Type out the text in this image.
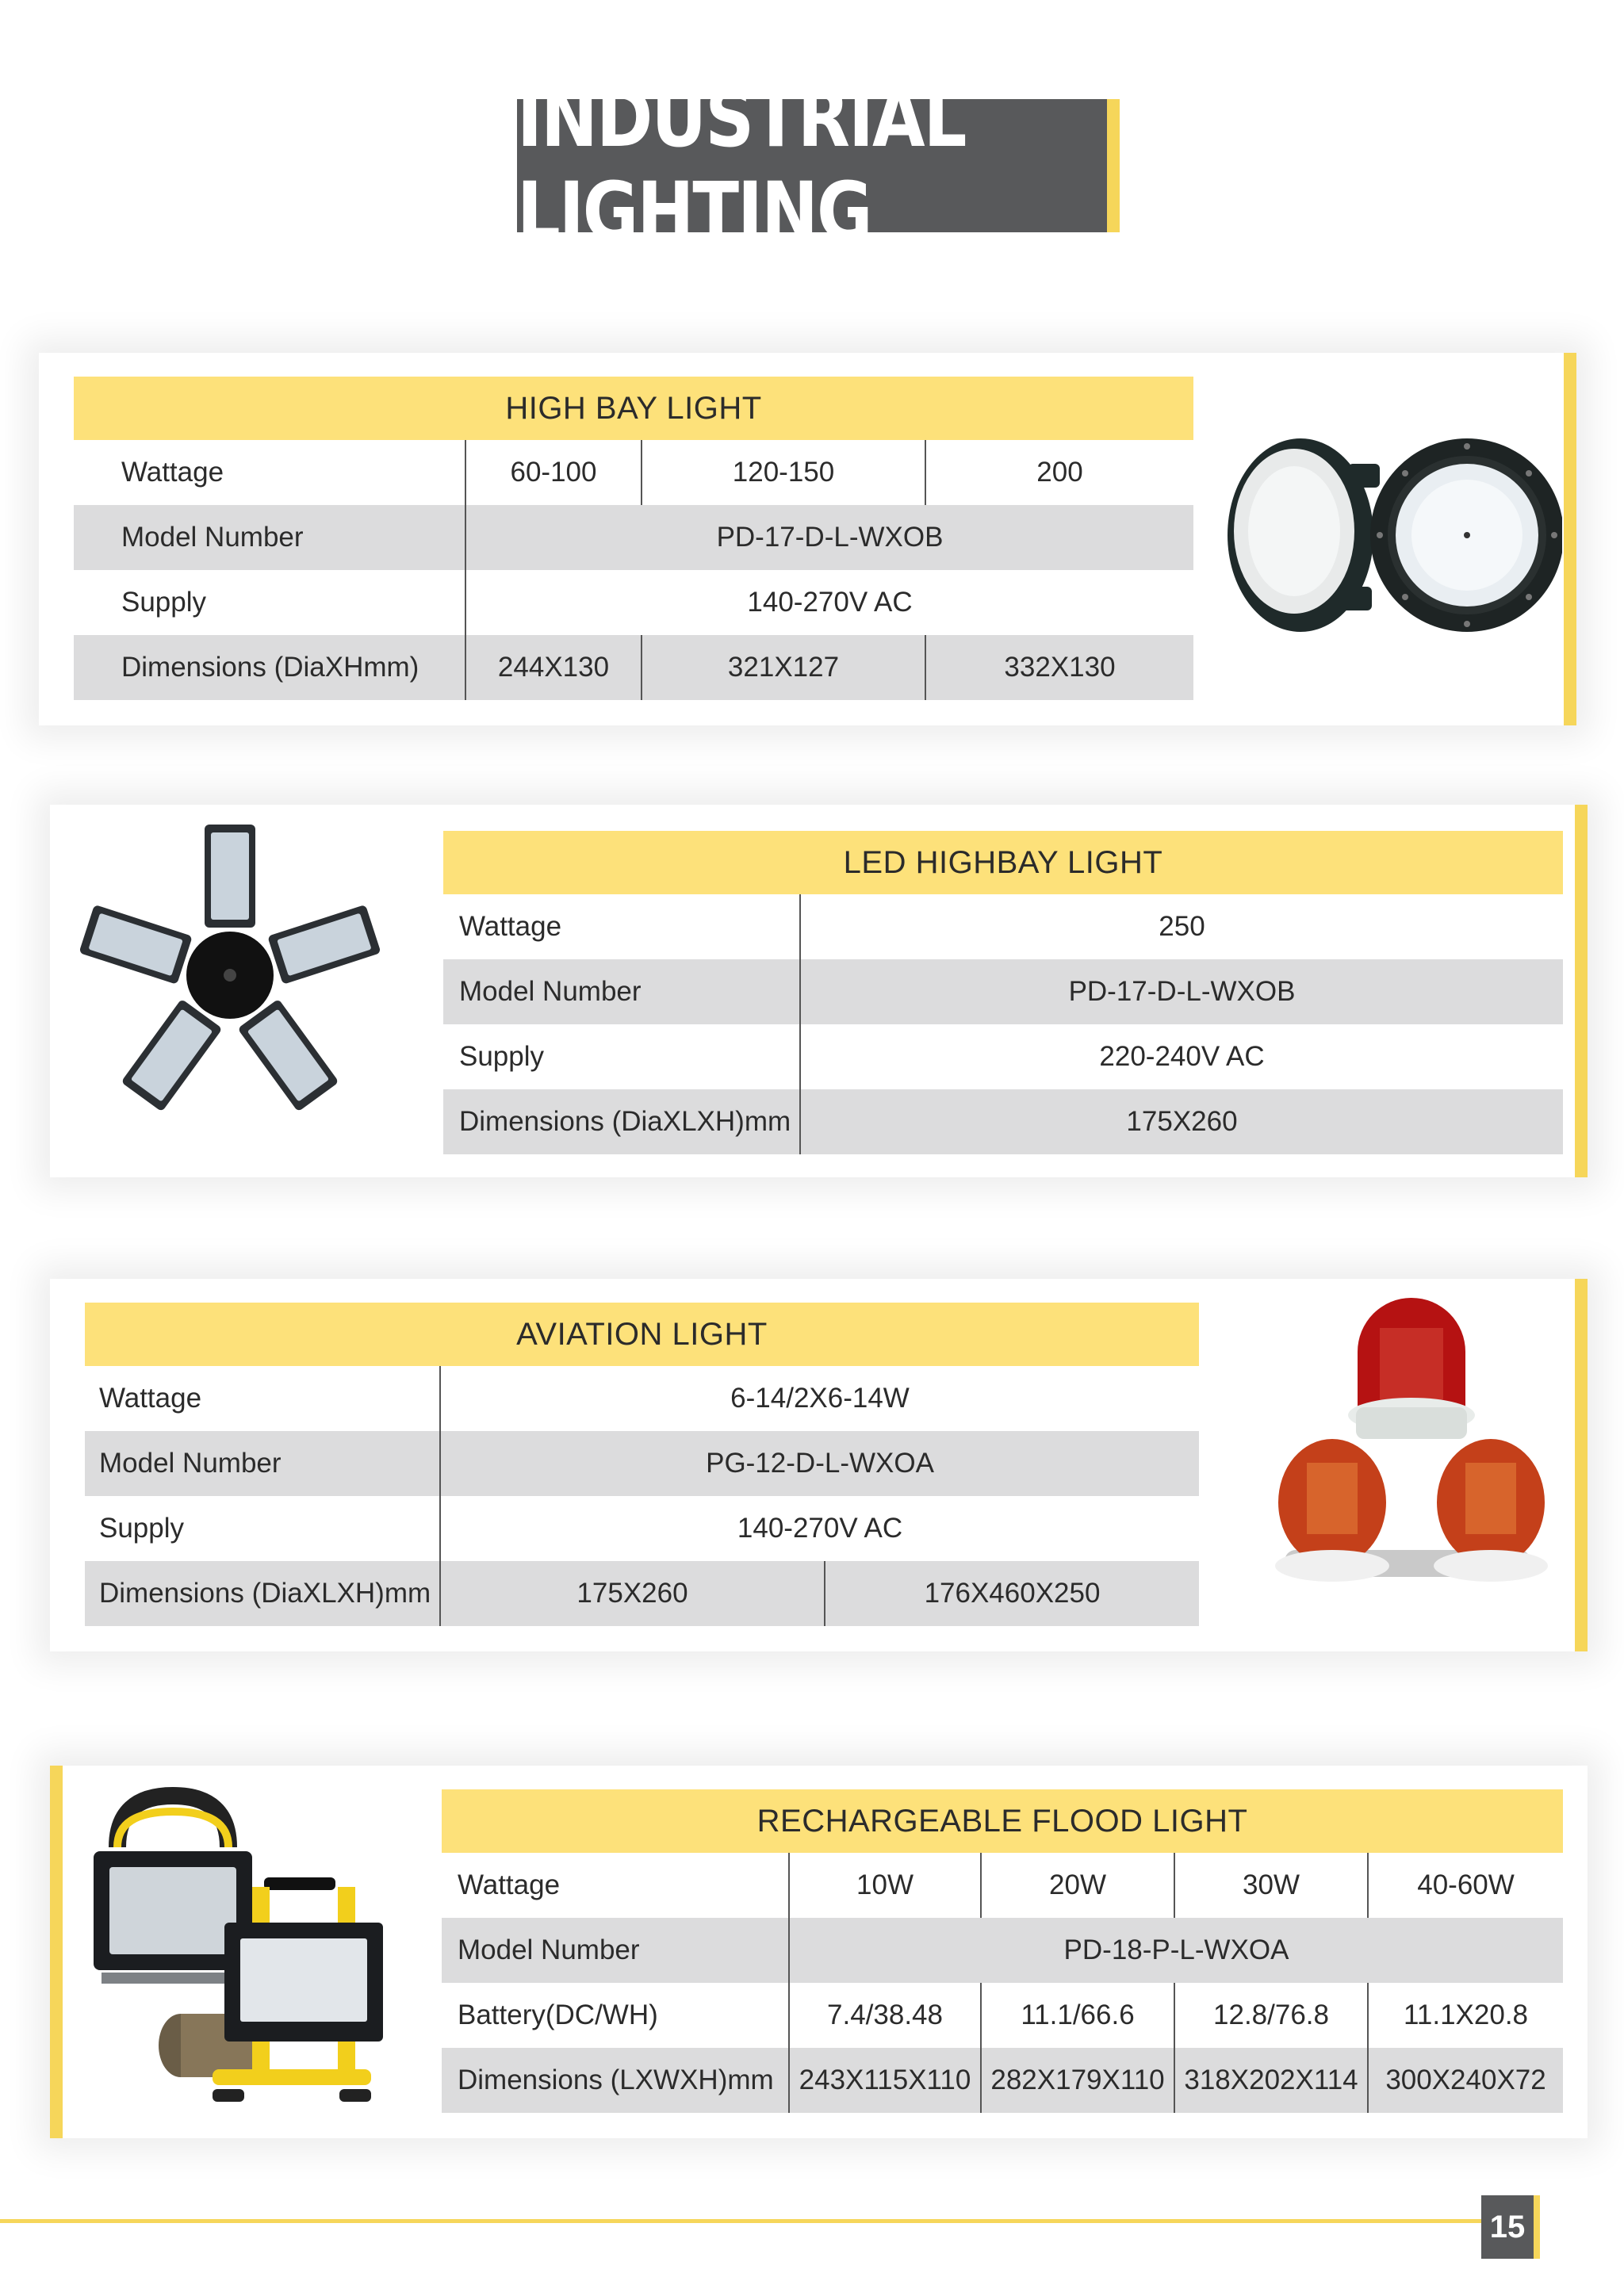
INDUSTRIAL LIGHTING
HIGH BAY LIGHT			
Wattage	60-100	120-150	200
Model Number	PD-17-D-L-WXOB		
Supply	140-270V AC		
Dimensions (DiaXHmm)	244X130	321X127	332X130
LED HIGHBAY LIGHT	
Wattage	250
Model Number	PD-17-D-L-WXOB
Supply	220-240V AC
Dimensions (DiaXLXH)mm	175X260
AVIATION LIGHT		
Wattage	6-14/2X6-14W	
Model Number	PG-12-D-L-WXOA	
Supply	140-270V AC	
Dimensions (DiaXLXH)mm	175X260	176X460X250
RECHARGEABLE FLOOD LIGHT				
Wattage	10W	20W	30W	40-60W
Model Number	PD-18-P-L-WXOA			
Battery(DC/WH)	7.4/38.48	11.1/66.6	12.8/76.8	11.1X20.8
Dimensions (LXWXH)mm	243X115X110	282X179X110	318X202X114	300X240X72
15
